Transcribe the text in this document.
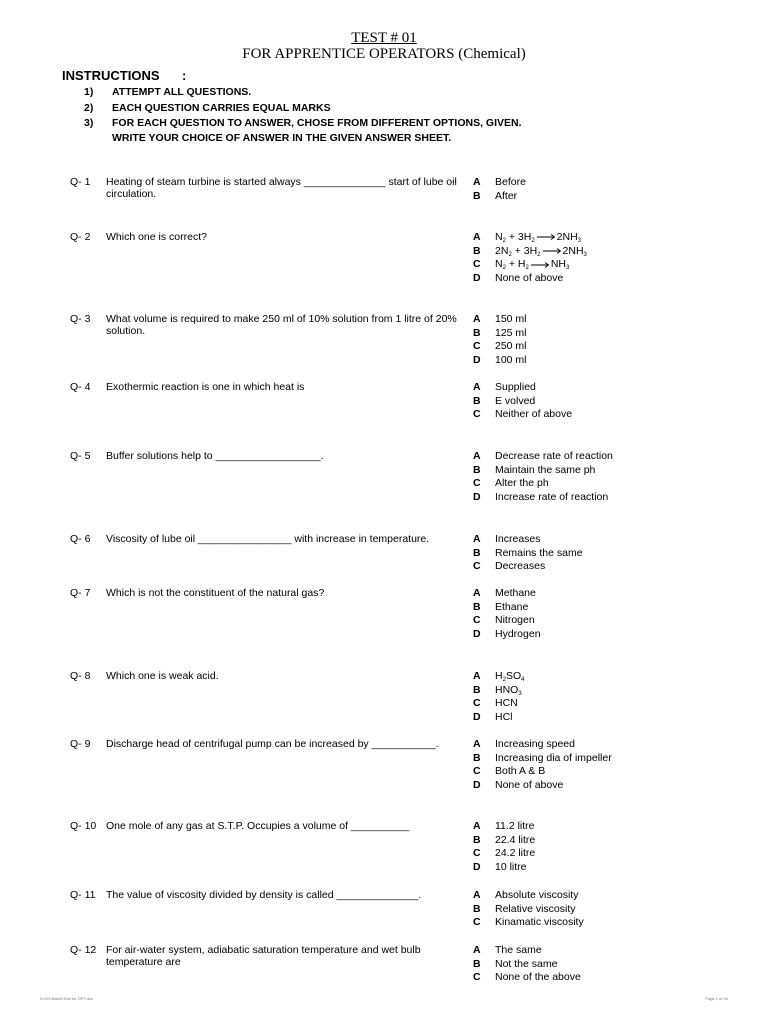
TEST # 01
FOR APPRENTICE OPERATORS (Chemical)
INSTRUCTIONS :
1) ATTEMPT ALL QUESTIONS.
2) EACH QUESTION CARRIES EQUAL MARKS
3) FOR EACH QUESTION TO ANSWER, CHOSE FROM DIFFERENT OPTIONS, GIVEN.
WRITE YOUR CHOICE OF ANSWER IN THE GIVEN ANSWER SHEET.
Q- 1 Heating of steam turbine is started always ______________ start of lube oil circulation.
A Before
B After
Q- 2 Which one is correct?	A $N_2 + 3H_2\to 2NH_3$
B $2N_2 + 3H_2\to 2NH_3$
C $N_2 + H_2\to NH_3$
D None of above
Q- 3 What volume is required to make 250 ml of 10% solution from 1 litre of 20% solution.
A 150 ml
B 125 ml
C 250 ml
D 100 ml
Q- 4 Exothermic reaction is one in which heat is	A Supplied
B E volved
C Neither of above
Q- 5 Buffer solutions help to __________________.	A Decrease rate of reaction
B Maintain the same ph
C Alter the ph
D Increase rate of reaction
Q- 6 Viscosity of lube oil ________________ with increase in temperature.	A Increases
B Remains the same
C Decreases
Q- 7 Which is not the constituent of the natural gas?	A Methane
B Ethane
C Nitrogen
D Hydrogen
Q- 8 Which one is weak acid.	A $H_2SO_4$
B $HNO_3$
C HCN
D HCl
Q- 9 Discharge head of centrifugal pump can be increased by ___________.	A Increasing speed
B Increasing dia of impeller
C Both A & B
D None of above
Q- 10 One mole of any gas at S.T.P. Occupies a volume of __________	A 11.2 litre
B 22.4 litre
C 24.2 litre
D 10 litre
Q- 11 The value of viscosity divided by density is called ______________.	A Absolute viscosity
B Relative viscosity
C Kinamatic viscosity
Q- 12 For air-water system, adiabatic saturation temperature and wet bulb temperature are
A The same
B Not the same
C None of the above
D:\OS Batch\Test for OPT.doc	Page 1 of 34
